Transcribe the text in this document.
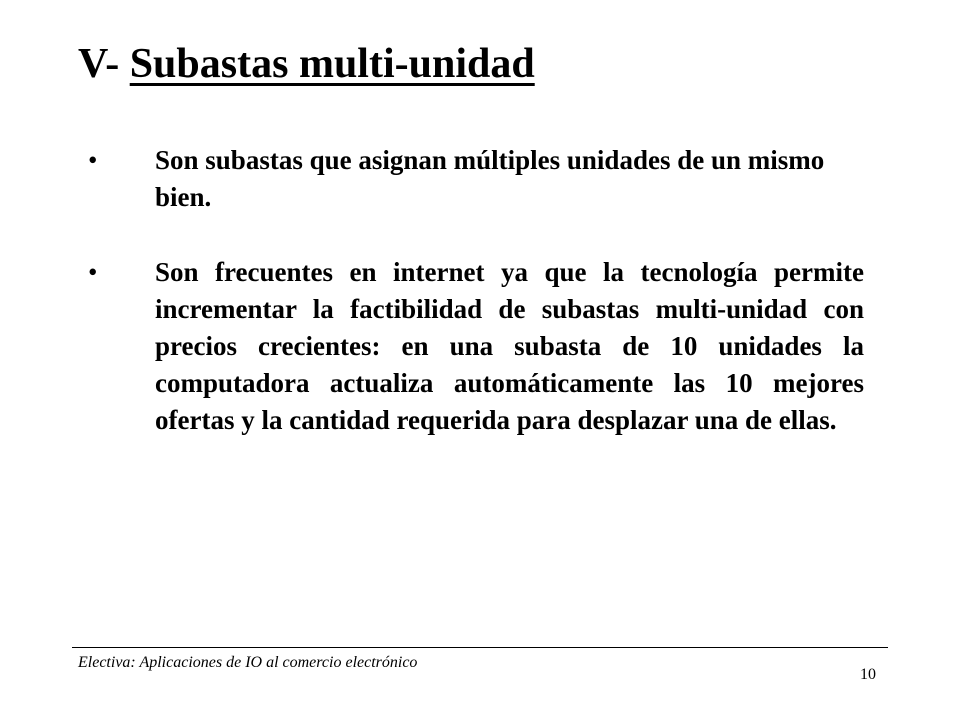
V- Subastas multi-unidad
• Son subastas que asignan múltiples unidades de un mismo bien.
• Son frecuentes en internet ya que la tecnología permite incrementar la factibilidad de subastas multi-unidad con precios crecientes: en una subasta de 10 unidades la computadora actualiza automáticamente las 10 mejores ofertas y la cantidad requerida para desplazar una de ellas.
Electiva: Aplicaciones de IO al comercio electrónico
10
